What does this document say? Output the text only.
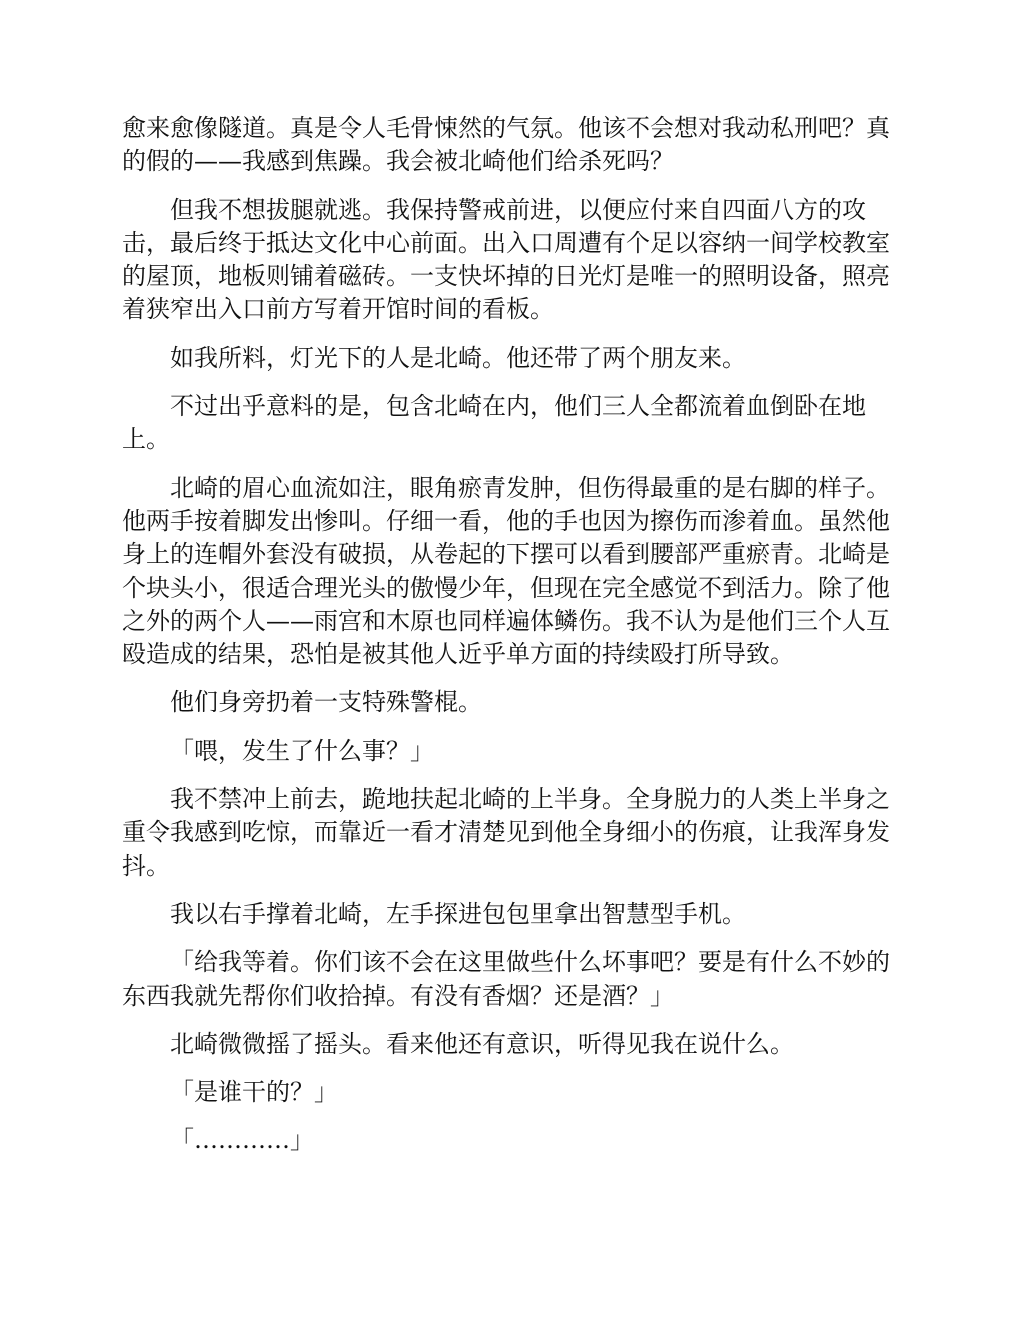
愈来愈像隧道。真是令人毛骨悚然的气氛。他该不会想对我动私刑吧？真的假的——我感到焦躁。我会被北崎他们给杀死吗？

但我不想拔腿就逃。我保持警戒前进，以便应付来自四面八方的攻击，最后终于抵达文化中心前面。出入口周遭有个足以容纳一间学校教室的屋顶，地板则铺着磁砖。一支快坏掉的日光灯是唯一的照明设备，照亮着狭窄出入口前方写着开馆时间的看板。

如我所料，灯光下的人是北崎。他还带了两个朋友来。

不过出乎意料的是，包含北崎在内，他们三人全都流着血倒卧在地上。

北崎的眉心血流如注，眼角瘀青发肿，但伤得最重的是右脚的样子。他两手按着脚发出惨叫。仔细一看，他的手也因为擦伤而渗着血。虽然他身上的连帽外套没有破损，从卷起的下摆可以看到腰部严重瘀青。北崎是个块头小，很适合理光头的傲慢少年，但现在完全感觉不到活力。除了他之外的两个人——雨宫和木原也同样遍体鳞伤。我不认为是他们三个人互殴造成的结果，恐怕是被其他人近乎单方面的持续殴打所导致。

他们身旁扔着一支特殊警棍。

「喂，发生了什么事？」

我不禁冲上前去，跪地扶起北崎的上半身。全身脱力的人类上半身之重令我感到吃惊，而靠近一看才清楚见到他全身细小的伤痕，让我浑身发抖。

我以右手撑着北崎，左手探进包包里拿出智慧型手机。

「给我等着。你们该不会在这里做些什么坏事吧？要是有什么不妙的东西我就先帮你们收拾掉。有没有香烟？还是酒？」

北崎微微摇了摇头。看来他还有意识，听得见我在说什么。

「是谁干的？」

「…………」
